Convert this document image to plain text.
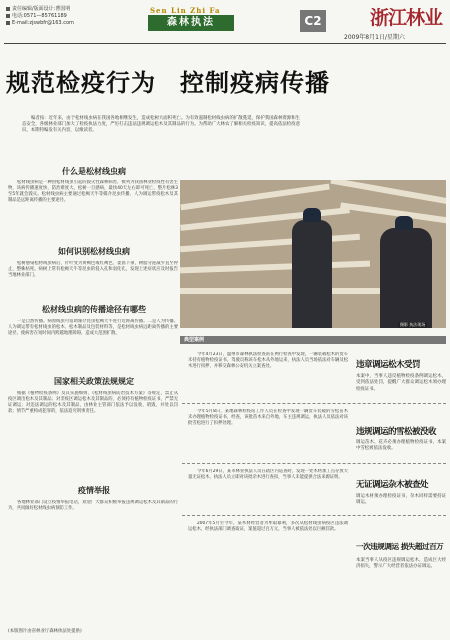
责任编辑/版面设计:曹国明
电话:0571—85761189
E-mail:zjswbfr@163.com
Sen Lin Zhi Fa
森林执法	C2	浙江林业
2009年8月1日/星期六
规范检疫行为 控制疫病传播
编者按：近年来，由于松材线虫病在我国各地相继发生，造成松树大面积死亡。为有效遏制松材线虫病的扩散蔓延，保护我国森林资源和生态安全，各级林业部门加大了检疫执法力度，严厉打击违法违规调运松木及其制品的行为。为帮助广大林农了解相关检疫知识，提高依法检疫意识，本期特编发有关内容，以飨读者。
摄影 执法现场
什么是松材线虫病
松材线虫病是一种由松材线虫引起的毁灭性森林病害，被列为我国林业检疫性有害生物，该病传播速度快、防治难度大，松树一旦感病，最快40天左右即可死亡，整片松林3至5年就会毁灭。松材线虫病主要通过松褐天牛等媒介昆虫传播，人为调运带疫松木及其制品是远距离传播的主要途径。
如何识别松材线虫病
松树感染松材线虫病后，针叶变为黄褐色或红褐色，萎蔫下垂，树脂分泌减少直至停止，整株枯死。病树上常有松褐天牛等昆虫的侵入孔和羽化孔，发现上述症状应及时报告当地林业部门。
松材线虫病的传播途径有哪些
一是自然传播。病原线虫可借助媒介昆虫松褐天牛进行近距离传播。二是人为传播。人为调运带有松材线虫的松木、松木制品及包装材料等，是松材线虫病远距离传播的主要途径，使病害在短时间内跨越地理障碍，造成大范围扩散。
国家相关政策法规规定
根据《植物检疫条例》及其实施细则、《松材线虫病防治技术方案》等规定，禁止从疫区调出松木及其制品；对非疫区调运松木及其制品的，必须持有植物检疫证书，严禁无证调运；对违法调运的松木及其制品，由林业主管部门依法予以没收、销毁，并处以罚款；情节严重构成犯罪的，依法追究刑事责任。
疫情举报
各地林业部门设立疫情举报电话，欢迎广大群众积极举报违规调运松木及其制品的行为，共同做好松材线虫病预防工作。
(本版图片由省林业厅森林执法处提供)
典型案例
今年4月23日，温州市森林执法检查站在例行检查中发现，一辆装载松木的货车未持有植物检疫证书，驾驶员称该车松木从外地运来，执法人员当场依法对车辆及松木进行扣押，并移交森林公安机关立案查处。	违章调运松木受罚
本案中，当事人违反植物检疫条例调运松木，受到依法处罚，提醒广大群众调运松木须办理检疫证书。
今年5月8日，某地森林检疫站工作人员在检查中发现一辆货车装载的雪松苗木未办理植物检疫证书，经查，该批苗木来自外地，车主违规调运，执法人员依法对该批雪松进行了扣押处理。
违规调运的雪松被没收
调运苗木、花卉必须办理植物检疫证书，本案中雪松被依法没收。
今年6月29日，某市林业执法人员在辖区内巡查时，发现一处木材加工点存放大量无证松木，执法人员立即对该批杂木进行查扣，当事人未能提供合法来源证明。
无证调运杂木被查处
调运木材须办理检疫证书，杂木同样需要持证调运。
2007年5月至今年，某木材经营者为牟取暴利，多次从松材线虫病疫区违法调运松木，经执法部门调查取证，案值超过百万元，当事人被依法处以巨额罚款。
一次违规调运 损失超过百万
本案当事人从疫区违规调运松木，造成巨大经济损失，警示广大经营者依法办证调运。
